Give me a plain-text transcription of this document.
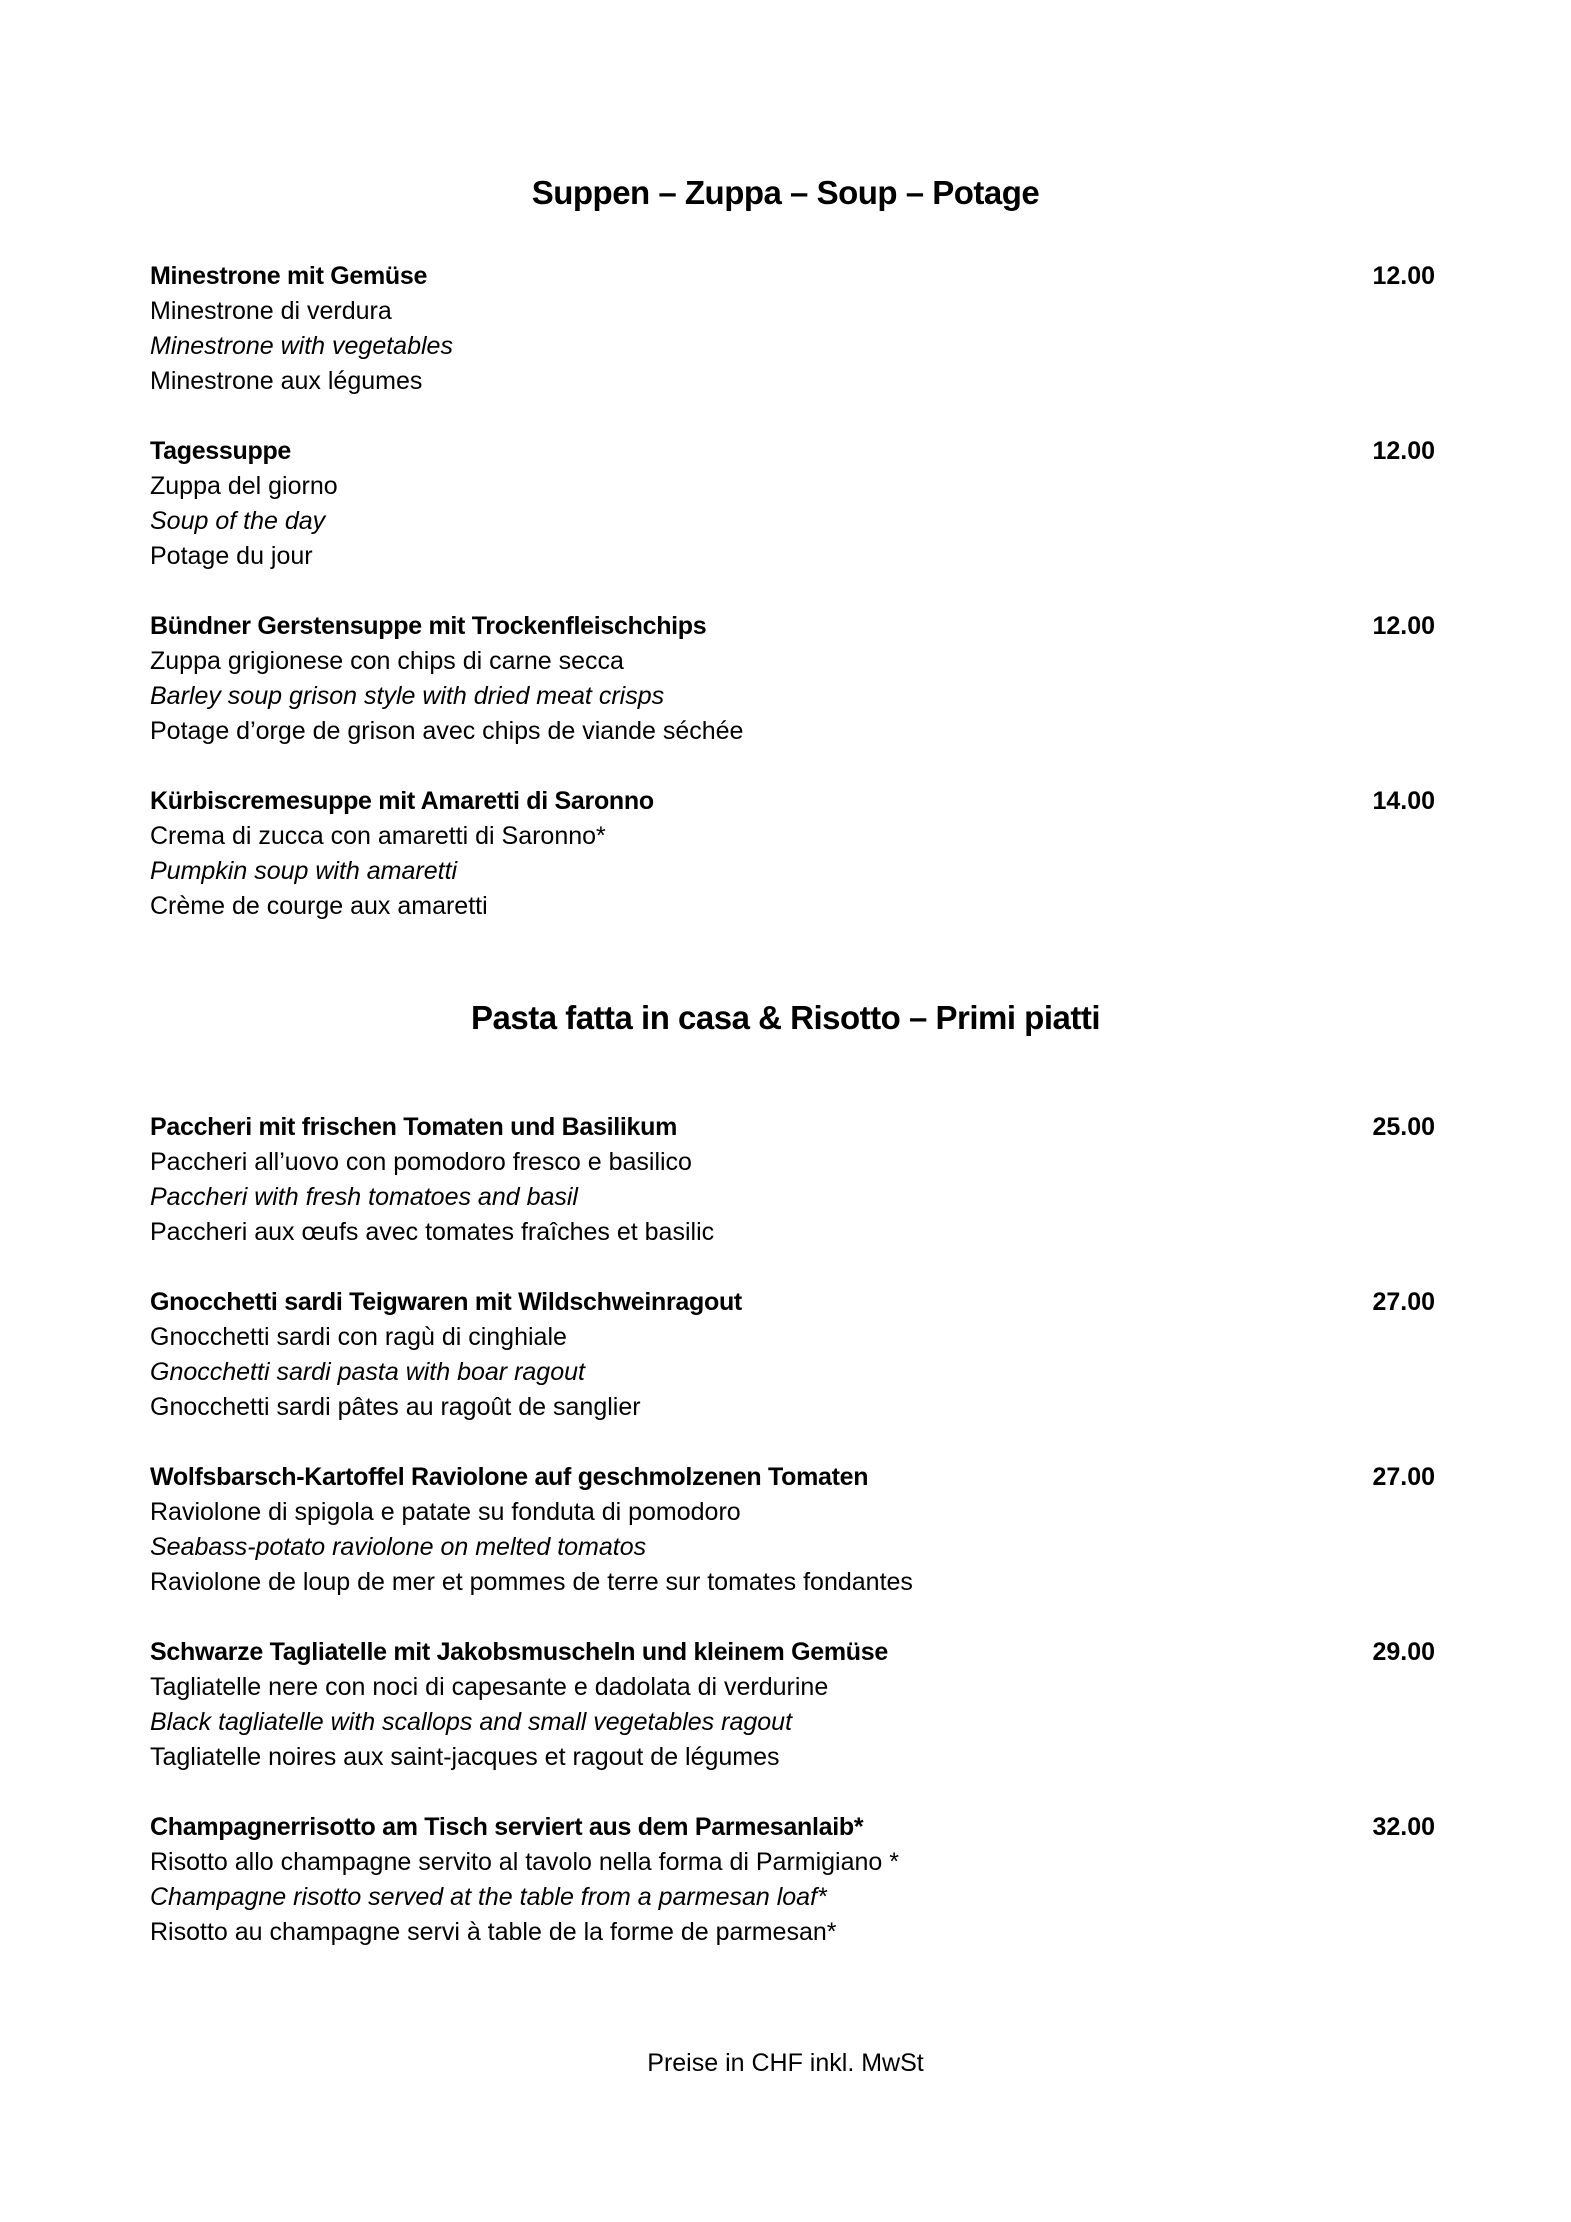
Suppen – Zuppa – Soup – Potage
Minestrone mit Gemüse
Minestrone di verdura
Minestrone with vegetables
Minestrone aux légumes
12.00
Tagessuppe
Zuppa del giorno
Soup of the day
Potage du jour
12.00
Bündner Gerstensuppe mit Trockenfleischchips
Zuppa grigionese con chips di carne secca
Barley soup grison style with dried meat crisps
Potage d’orge de grison avec chips de viande séchée
12.00
Kürbiscremesuppe mit Amaretti di Saronno
Crema di zucca con amaretti di Saronno*
Pumpkin soup with amaretti
Crème de courge aux amaretti
14.00
Pasta fatta in casa & Risotto – Primi piatti
Paccheri mit frischen Tomaten und Basilikum
Paccheri all’uovo con pomodoro fresco e basilico
Paccheri with fresh tomatoes and basil
Paccheri aux œufs avec tomates fraîches et basilic
25.00
Gnocchetti sardi Teigwaren mit Wildschweinragout
Gnocchetti sardi con ragù di cinghiale
Gnocchetti sardi pasta with boar ragout
Gnocchetti sardi pâtes au ragoût de sanglier
27.00
Wolfsbarsch-Kartoffel Raviolone auf geschmolzenen Tomaten
Raviolone di spigola e patate su fonduta di pomodoro
Seabass-potato raviolone on melted tomatos
Raviolone de loup de mer et pommes de terre sur tomates fondantes
27.00
Schwarze Tagliatelle mit Jakobsmuscheln und kleinem Gemüse
Tagliatelle nere con noci di capesante e dadolata di verdurine
Black tagliatelle with scallops and small vegetables ragout
Tagliatelle noires aux saint-jacques et ragout de légumes
29.00
Champagnerrisotto am Tisch serviert aus dem Parmesanlaib*
Risotto allo champagne servito al tavolo nella forma di Parmigiano *
Champagne risotto served at the table from a parmesan loaf*
Risotto au champagne servi à table de la forme de parmesan*
32.00
Preise in CHF inkl. MwSt
